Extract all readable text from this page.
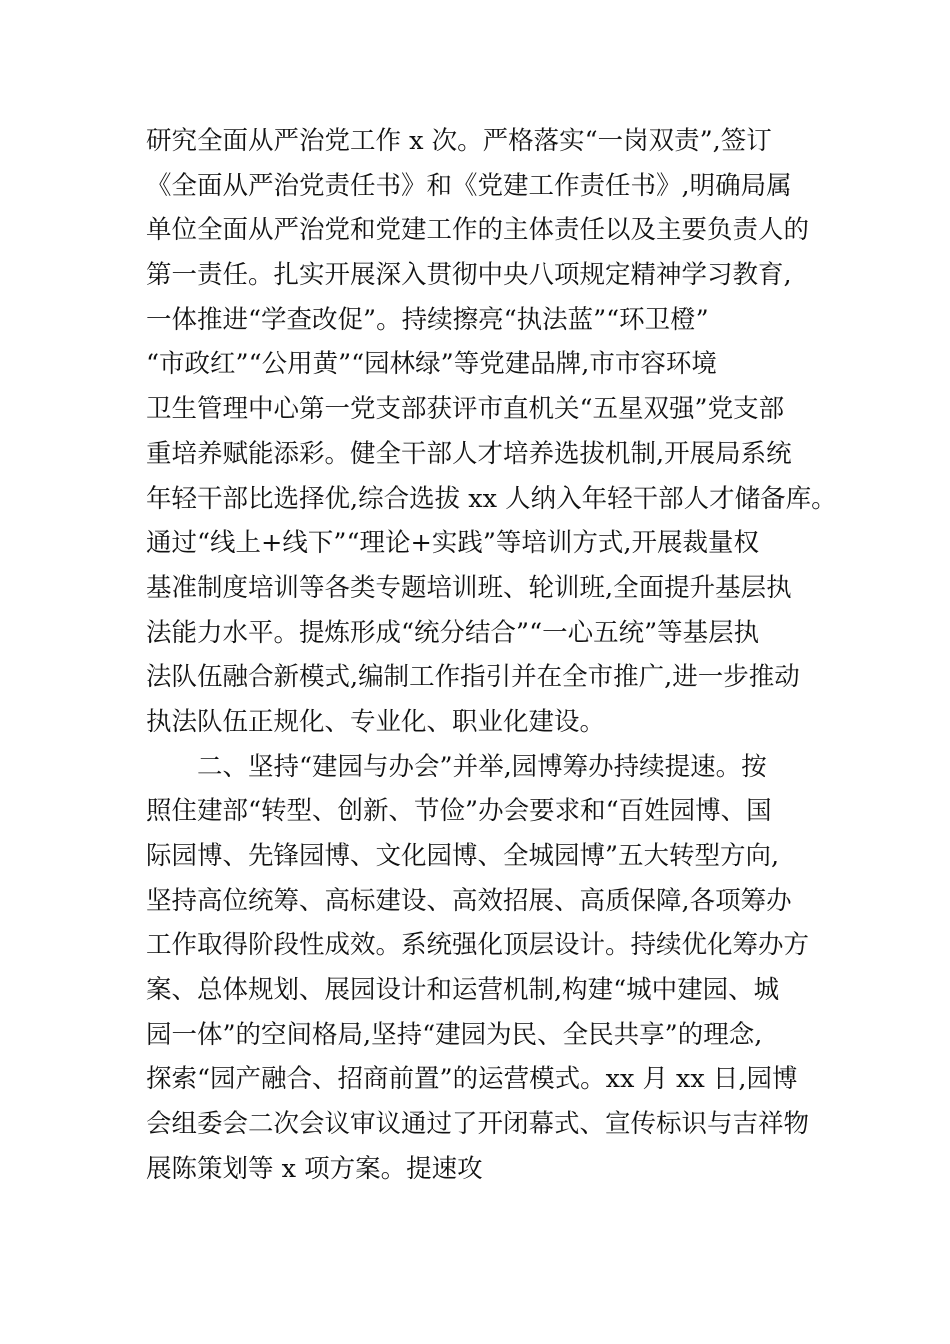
研究全面从严治党工作 x 次。严格落实“一岗双责”,签订
《全面从严治党责任书》和《党建工作责任书》,明确局属
单位全面从严治党和党建工作的主体责任以及主要负责人的
第一责任。扎实开展深入贯彻中央八项规定精神学习教育,
一体推进“学查改促”。持续擦亮“执法蓝”“环卫橙”
“市政红”“公用黄”“园林绿”等党建品牌,市市容环境
卫生管理中心第一党支部获评市直机关“五星双强”党支部
重培养赋能添彩。健全干部人才培养选拔机制,开展局系统
年轻干部比选择优,综合选拔 xx 人纳入年轻干部人才储备库。
通过“线上+线下”“理论+实践”等培训方式,开展裁量权
基准制度培训等各类专题培训班、轮训班,全面提升基层执
法能力水平。提炼形成“统分结合”“一心五统”等基层执
法队伍融合新模式,编制工作指引并在全市推广,进一步推动
执法队伍正规化、专业化、职业化建设。
二、坚持“建园与办会”并举,园博筹办持续提速。按
照住建部“转型、创新、节俭”办会要求和“百姓园博、国
际园博、先锋园博、文化园博、全城园博”五大转型方向,
坚持高位统筹、高标建设、高效招展、高质保障,各项筹办
工作取得阶段性成效。系统强化顶层设计。持续优化筹办方
案、总体规划、展园设计和运营机制,构建“城中建园、城
园一体”的空间格局,坚持“建园为民、全民共享”的理念,
探索“园产融合、招商前置”的运营模式。xx 月 xx 日,园博
会组委会二次会议审议通过了开闭幕式、宣传标识与吉祥物
展陈策划等 x 项方案。提速攻
